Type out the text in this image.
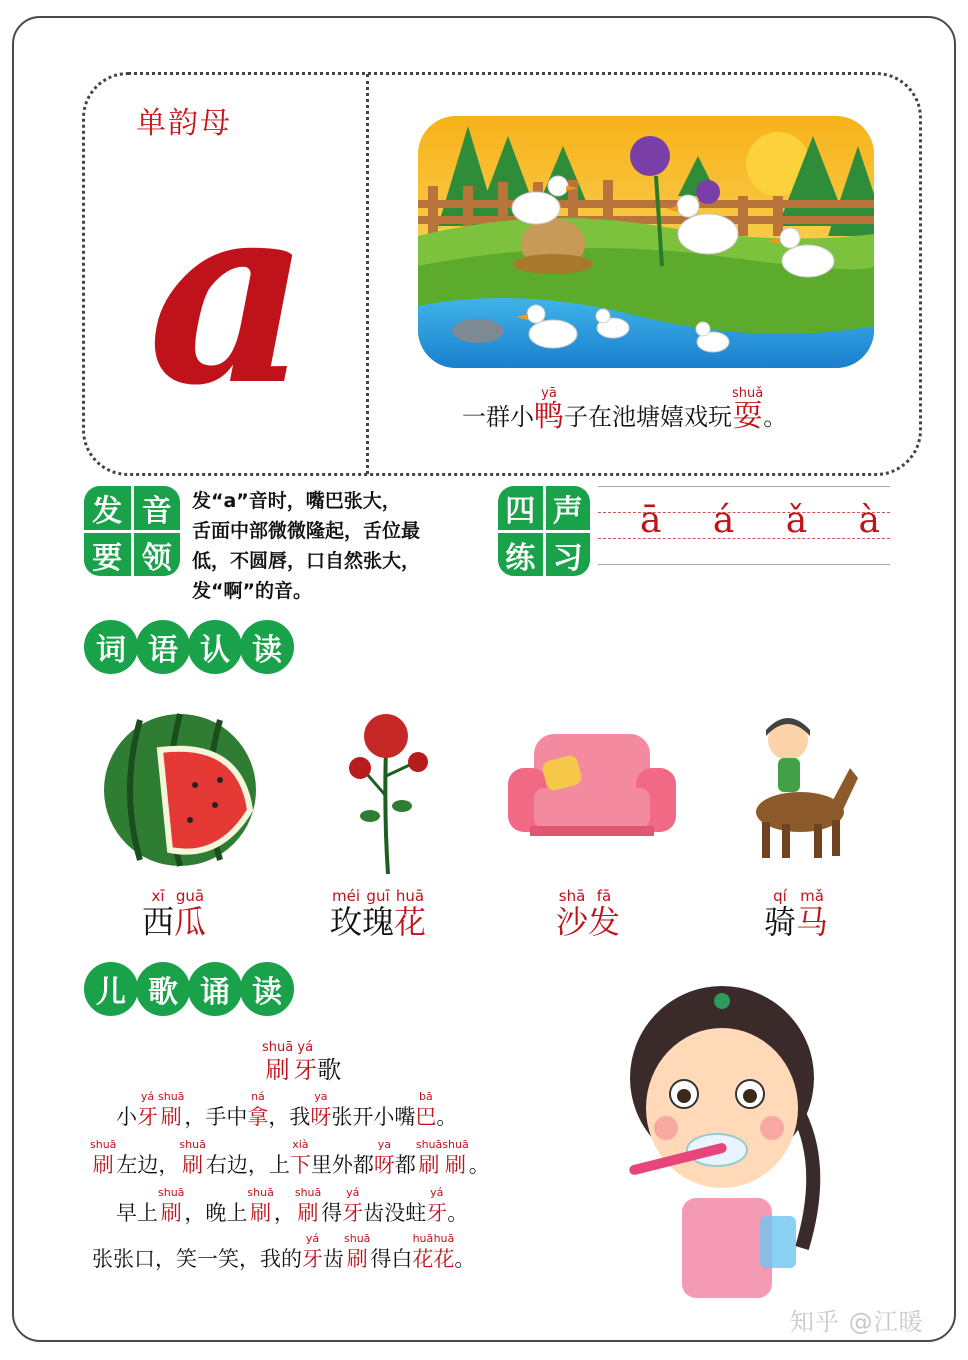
单韵母
a	一 群 小
yā
鸭 子 在 池 塘 嬉 戏 玩
shuǎ
耍 。
发 音
要 领
发“a”音时，嘴巴张大，
舌面中部微微隆起，舌位最
低，不圆唇，口自然张大，
发“啊”的音。
四 声
练 习
ā á ǎ à
词 语 认 读
xī
西
guā
瓜
méi
玫
guī
瑰
huā
花
shā
沙
fā
发
qí
骑
mǎ
马
儿 歌 诵 读
shuā
刷
yá
牙 歌
小
yá
牙
shuā
刷 ，手中
ná
拿 ，我
ya
呀 张开小嘴
bā
巴 。
shuā
刷 左边，
shuā
刷 右边，上
xià
下 里外都
ya
呀 都
shuā
刷
shuā
刷 。
早上
shuā
刷 ，晚上
shuā
刷 ，
shuā
刷 得
yá
牙 齿没蛀
yá
牙 。
张张口，笑一笑，我的
yá
牙 齿
shuā
刷 得白
huā
花
huā
花 。
知乎 @江暖
